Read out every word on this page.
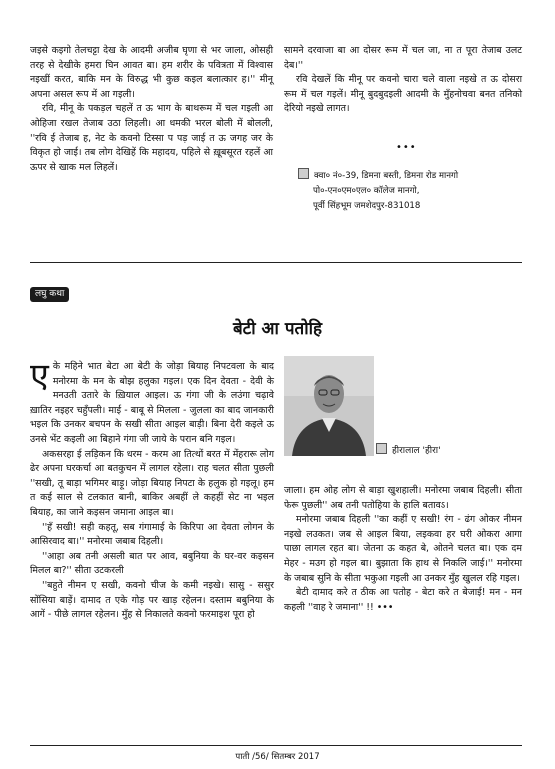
जइसे कइगो तेलचट्टा देख के आदमी अजीब घृणा से भर जाला, ओसही तरह से देखीके हमरा घिन आवत बा। हम शरीर के पवित्रता में विश्वास नइखीं करत, बाकि मन के विरुद्ध भी कुछ कइल बलात्कार ह।'' मीनू अपना असल रूप में आ गइली।

रवि, मीनू के पकड़ल चहलें त ऊ भाग के बाथरूम में चल गइली आ ओहिजा रखल तेजाब उठा लिहली। आ धमकी भरल बोली में बोलली, ''रवि ई तेजाब ह, नेट के कवनो टिस्सा प पड़ जाई त ऊ जगह जर के विकृत हो जाई। तब लोग देखिहें कि महादय, पहिले से ख़ूबसूरत रहलें आ ऊपर से खाक मल लिहलें।

सामने दरवाजा बा आ दोसर रूम में चल जा, ना त पूरा तेजाब उलट देब।''

रवि देखलें कि मीनू पर कवनो चारा चले वाला नइखे त ऊ दोसरा रूम में चल गइलें। मीनू बुदबुदइली आदमी के मुँहनोचवा बनत तनिको देरियो नइखे लागत।

•••
क्वा० नं०-39, डिमना बस्ती, डिमना रोड मानगो
पो०-एन०एम०एल० कॉलेज मानगो,
पूर्वी सिंहभूम जमशेदपुर-831018
लघु कथा
बेटी आ पतोहि

एके महिने भात बेटा आ बेटी के जोड़ा बियाह निपटवला के बाद मनोरमा के मन के बोझ हलुका गइल। एक दिन देवता - देवी के मनउती उतारे के ख़ियाल आइल। ऊ गंगा जी के लउंगा चढ़ावे ख़ातिर नइहर चहुँपली। माई - बाबू से मिलला - जुलला का बाद जानकारी भइल कि उनकर बचपन के सखी सीता आइल बाड़ी। बिना देरी कइले ऊ उनसे भेंट कइली आ बिहाने गंगा जी जाये के परान बनि गइल।

अकसरहा ई लड़िकन कि धरम - करम आ तित्थों बरत में मेंहरारू लोग ढेर अपना घरकर्चा आ बतकुचन में लागल रहेला। राह चलत सीता पुछली ''सखी, तू बाड़ा भगिमर बाड़ू। जोड़ा बियाह निपटा के हलुक हो गइलू। हम त कई साल से टलकात बानी, बाकिर अबहीं ले कहहीं सेट ना भइल बियाह, का जाने कइसन जमाना आइल बा।

''हँ सखी! सही कहतू, सब गंगामाई के किरिपा आ देवता लोगन के आसिरवाद बा।'' मनोरमा जबाब दिहली।

''आहा अब तनी असली बात पर आव, बबुनिया के घर-वर कइसन मिलल बा?'' सीता उटकरली

''बहुते नीमन ए सखी, कवनो चीज के कमी नइखे। सासु - ससुर सोंसिया बाड़ें। दामाद त एके गोड़ पर खाड़ रहेलन। दस्ताम बबुनिया के आगें - पीछे लागल रहेलन। मुँह से निकालते कवनो फरमाइश पूरा हो

हीरालाल 'हीरा'

जाला। हम ओह लोग से बाड़ा खुशहाली। मनोरमा जबाब दिहली। सीता फेरू पुछली'' अब तनी पतोहिया के हालि बतावऽ।

मनोरमा जबाब दिहली ''का कहीं ए सखी! रंग - ढंग ओकर नीमन नइखे लउकत। जब से आइल बिया, लइकवा हर घरी ओकरा आगा पाछा लागल रहत बा। जेतना ऊ कहत बे, ओतने चलत बा। एक दम मेहर - मउग हो गइल बा। बुझाता कि हाथ से निकलि जाई।'' मनोरमा के जबाब सुनि के सीता भकुआ गइली आ उनकर मुँह खुलल रहि गइल।

बेटी दामाद करे त ठीक आ पतोह - बेटा करे त बेजाई! मन - मन कहली ''वाह रे जमाना'' !! •••

पाती /56/ सितम्बर 2017
